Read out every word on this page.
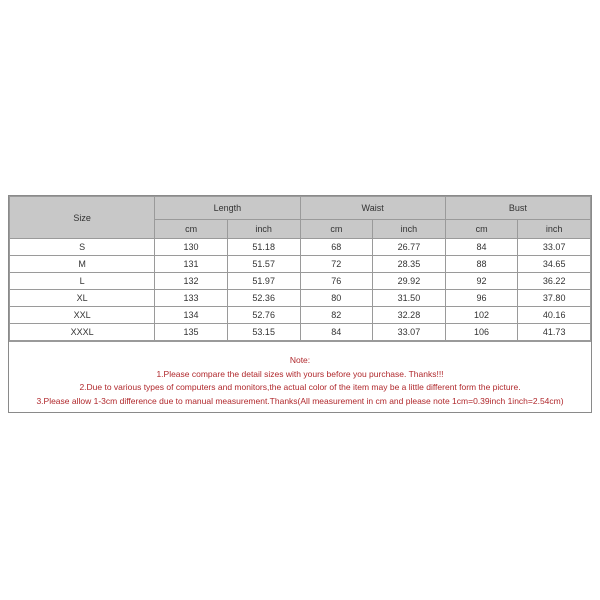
Size	Length		Waist		Bust	
	cm	inch	cm	inch	cm	inch
S	130	51.18	68	26.77	84	33.07
M	131	51.57	72	28.35	88	34.65
L	132	51.97	76	29.92	92	36.22
XL	133	52.36	80	31.50	96	37.80
XXL	134	52.76	82	32.28	102	40.16
XXXL	135	53.15	84	33.07	106	41.73
Note:
1.Please compare the detail sizes with yours before you purchase. Thanks!!!
2.Due to various types of computers and monitors,the actual color of the item may be a little different form the picture.
3.Please allow 1-3cm difference due to manual measurement.Thanks(All measurement in cm and please note 1cm=0.39inch 1inch=2.54cm)
